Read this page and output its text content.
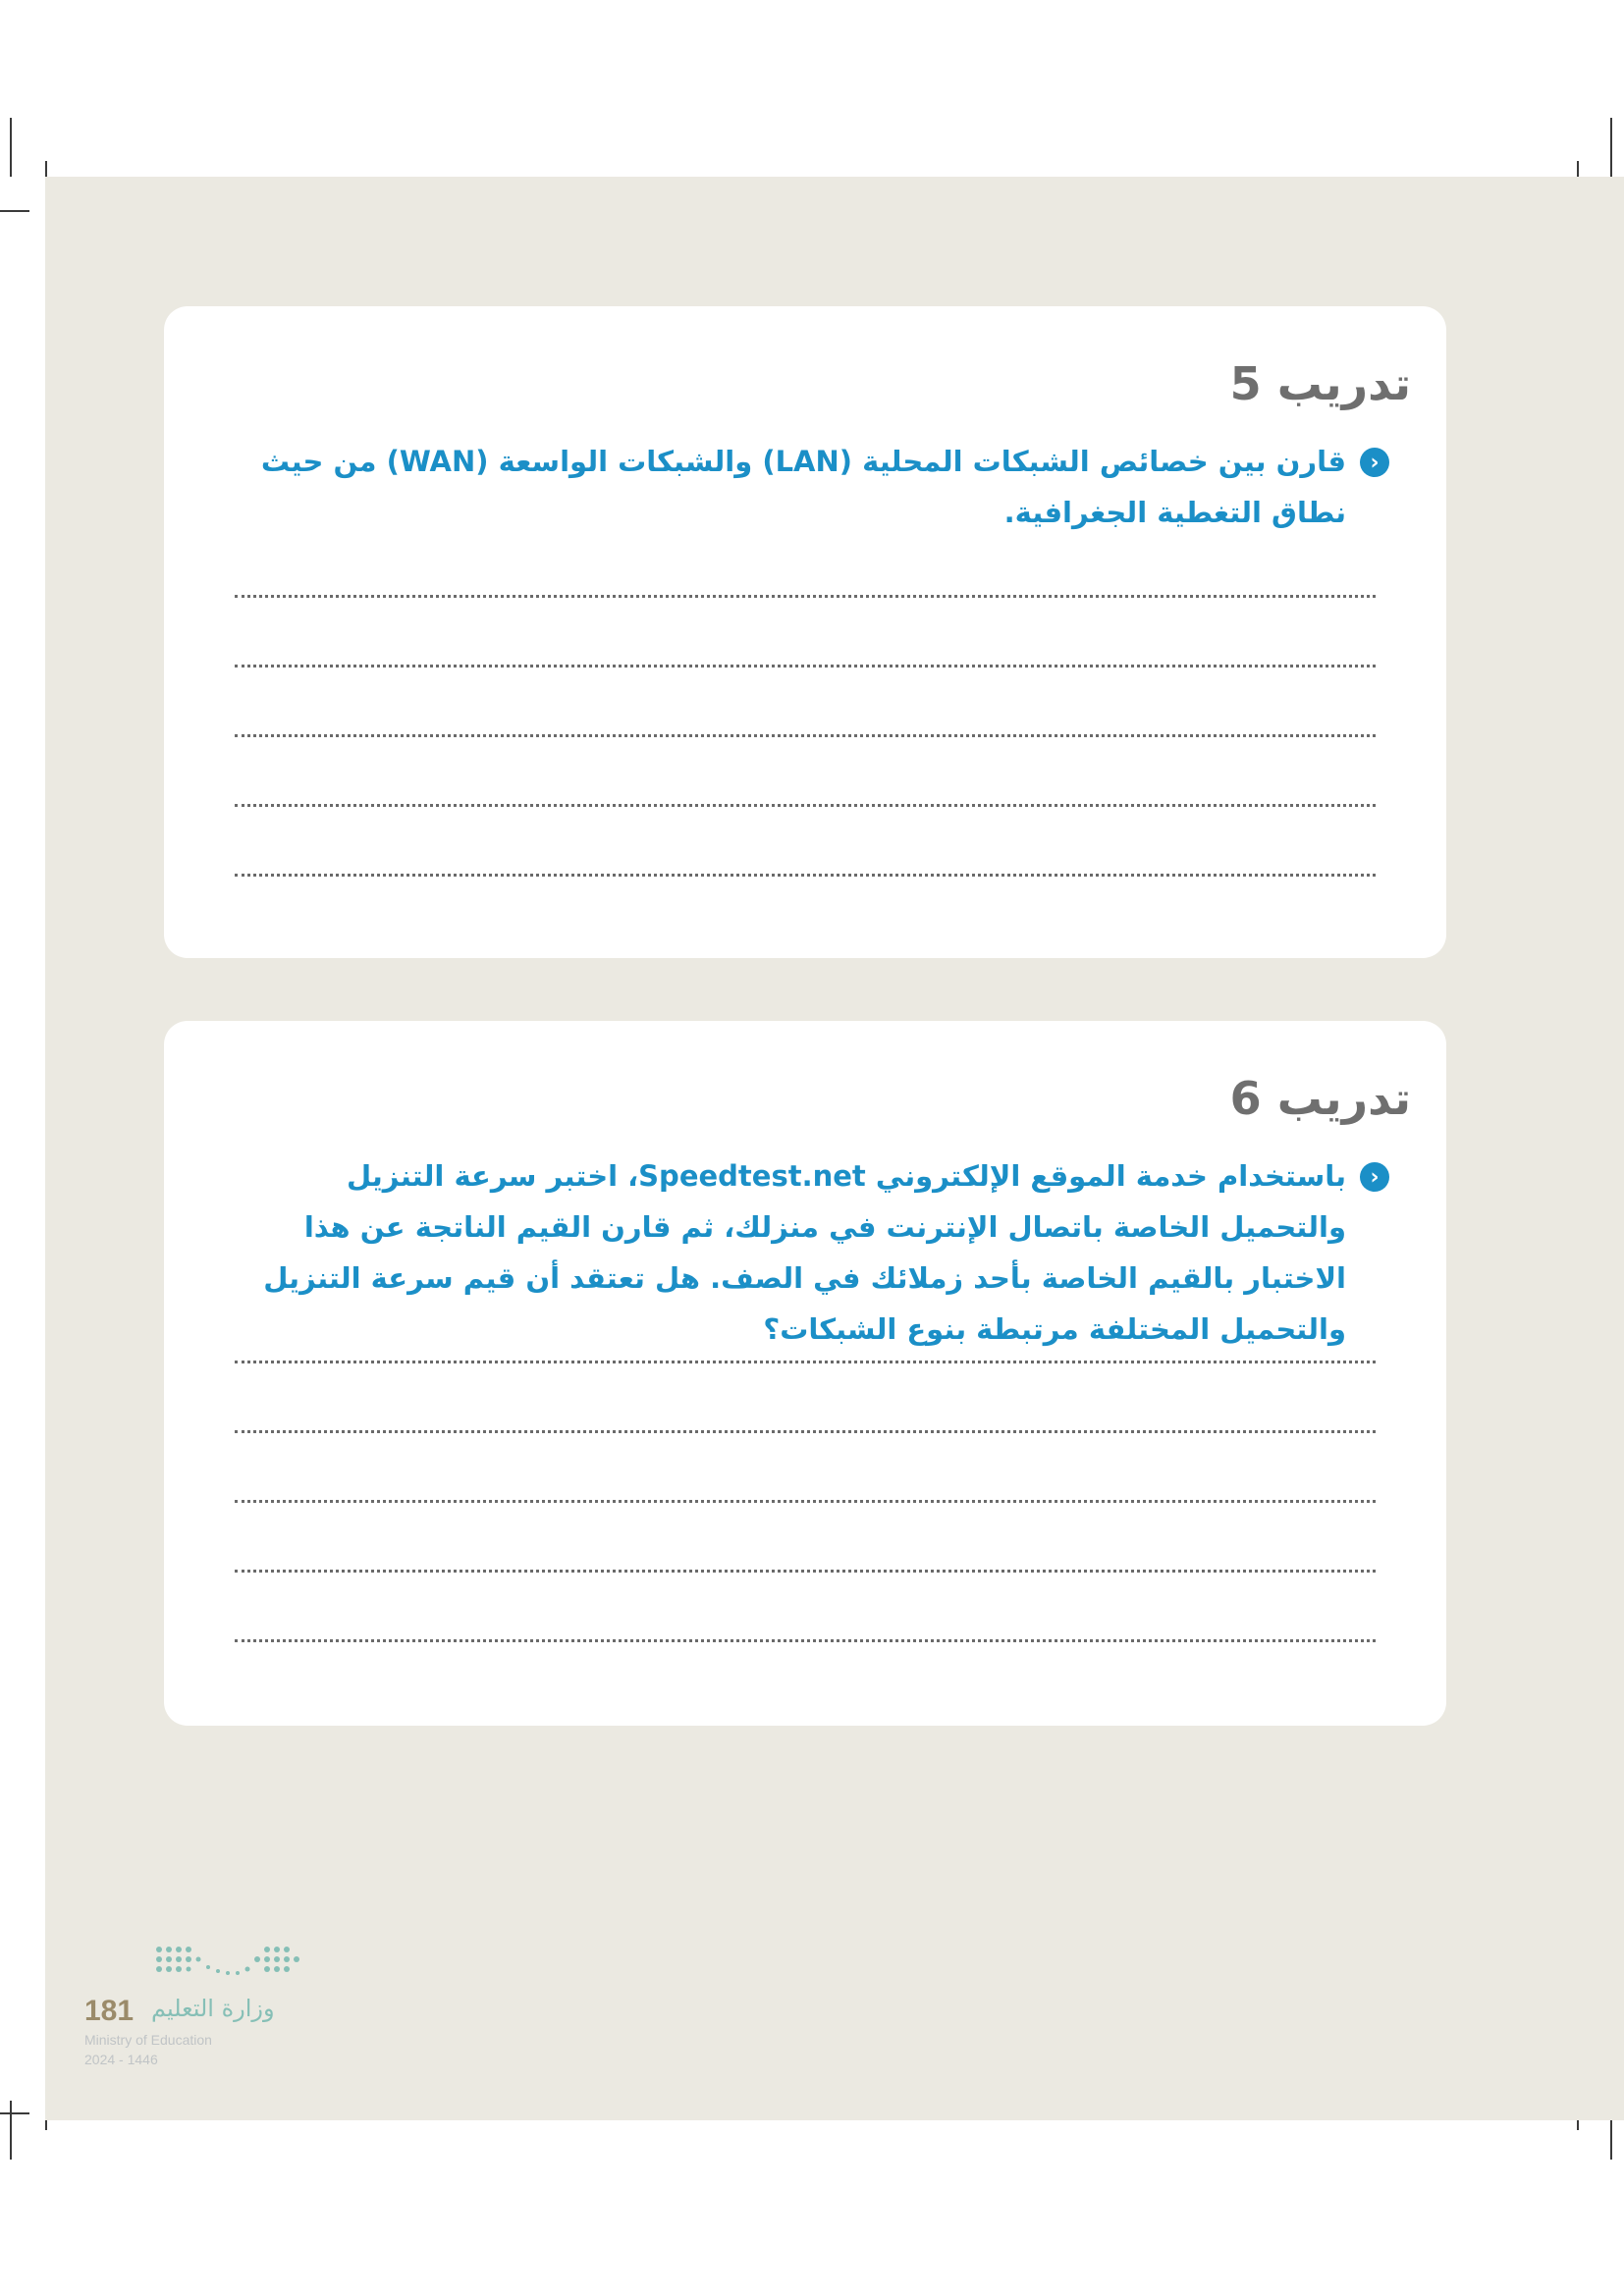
تدريب 5
‹

قارن بين خصائص الشبكات المحلية (LAN) والشبكات الواسعة (WAN) من حيث نطاق التغطية الجغرافية.

تدريب 6
‹

باستخدام خدمة الموقع الإلكتروني Speedtest.net، اختبر سرعة التنزيل والتحميل الخاصة باتصال الإنترنت في منزلك، ثم قارن القيم الناتجة عن هذا الاختبار بالقيم الخاصة بأحد زملائك في الصف. هل تعتقد أن قيم سرعة التنزيل والتحميل المختلفة مرتبطة بنوع الشبكات؟

181 وزارة التعليم
Ministry of Education
2024 - 1446
